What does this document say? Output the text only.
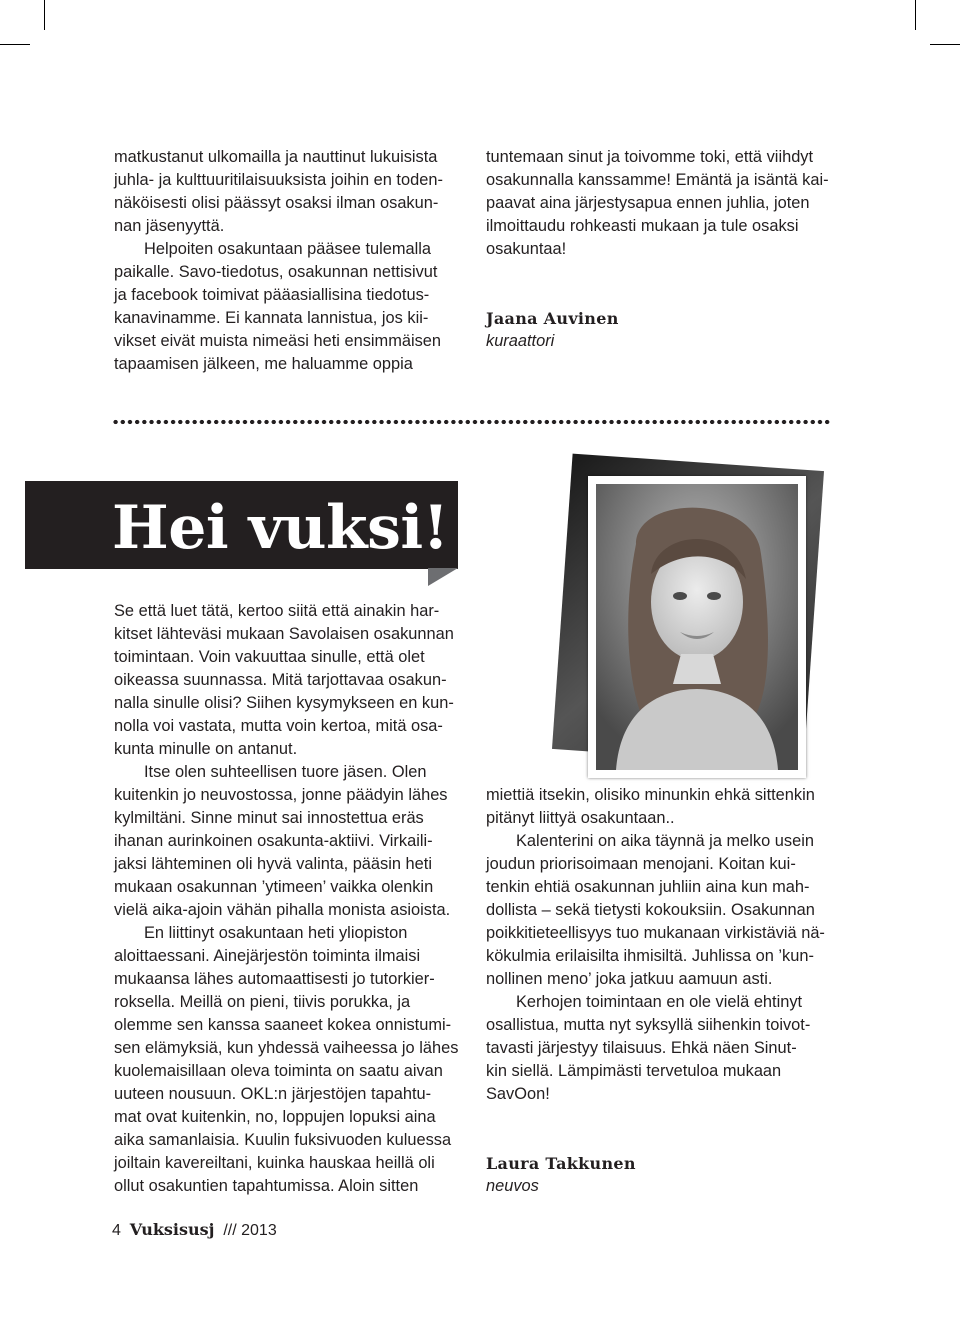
matkustanut ulkomailla ja nauttinut lukuisista
juhla- ja kulttuuritilaisuuksista joihin en toden-
näköisesti olisi päässyt osaksi ilman osakun-
nan jäsenyyttä.
Helpoiten osakuntaan pääsee tulemalla
paikalle. Savo-tiedotus, osakunnan nettisivut
ja facebook toimivat pääasiallisina tiedotus-
kanavinamme. Ei kannata lannistua, jos kii-
vikset eivät muista nimeäsi heti ensimmäisen
tapaamisen jälkeen, me haluamme oppia
tuntemaan sinut ja toivomme toki, että viihdyt
osakunnalla kanssamme! Emäntä ja isäntä kai-
paavat aina järjestysapua ennen juhlia, joten
ilmoittaudu rohkeasti mukaan ja tule osaksi
osakuntaa!
Jaana Auvinen
kuraattori
Hei vuksi!
Se että luet tätä, kertoo siitä että ainakin har-
kitset lähteväsi mukaan Savolaisen osakunnan
toimintaan. Voin vakuuttaa sinulle, että olet
oikeassa suunnassa. Mitä tarjottavaa osakun-
nalla sinulle olisi? Siihen kysymykseen en kun-
nolla voi vastata, mutta voin kertoa, mitä osa-
kunta minulle on antanut.
Itse olen suhteellisen tuore jäsen. Olen
kuitenkin jo neuvostossa, jonne päädyin lähes
kylmiltäni. Sinne minut sai innostettua eräs
ihanan aurinkoinen osakunta-aktiivi. Virkaili-
jaksi lähteminen oli hyvä valinta, pääsin heti
mukaan osakunnan ’ytimeen’ vaikka olenkin
vielä aika-ajoin vähän pihalla monista asioista.
En liittinyt osakuntaan heti yliopiston
aloittaessani. Ainejärjestön toiminta ilmaisi
mukaansa lähes automaattisesti jo tutorkier-
roksella. Meillä on pieni, tiivis porukka, ja
olemme sen kanssa saaneet kokea onnistumi-
sen elämyksiä, kun yhdessä vaiheessa jo lähes
kuolemaisillaan oleva toiminta on saatu aivan
uuteen nousuun. OKL:n järjestöjen tapahtu-
mat ovat kuitenkin, no, loppujen lopuksi aina
aika samanlaisia. Kuulin fuksivuoden kuluessa
joiltain kavereiltani, kuinka hauskaa heillä oli
ollut osakuntien tapahtumissa. Aloin sitten
miettiä itsekin, olisiko minunkin ehkä sittenkin
pitänyt liittyä osakuntaan..
Kalenterini on aika täynnä ja melko usein
joudun priorisoimaan menojani. Koitan kui-
tenkin ehtiä osakunnan juhliin aina kun mah-
dollista – sekä tietysti kokouksiin. Osakunnan
poikkitieteellisyys tuo mukanaan virkistäviä nä-
kökulmia erilaisilta ihmisiltä. Juhlissa on ’kun-
nollinen meno’ joka jatkuu aamuun asti.
Kerhojen toimintaan en ole vielä ehtinyt
osallistua, mutta nyt syksyllä siihenkin toivot-
tavasti järjestyy tilaisuus. Ehkä näen Sinut-
kin siellä. Lämpimästi tervetuloa mukaan
SavOon!
Laura Takkunen
neuvos
4 Vuksisusj /// 2013
